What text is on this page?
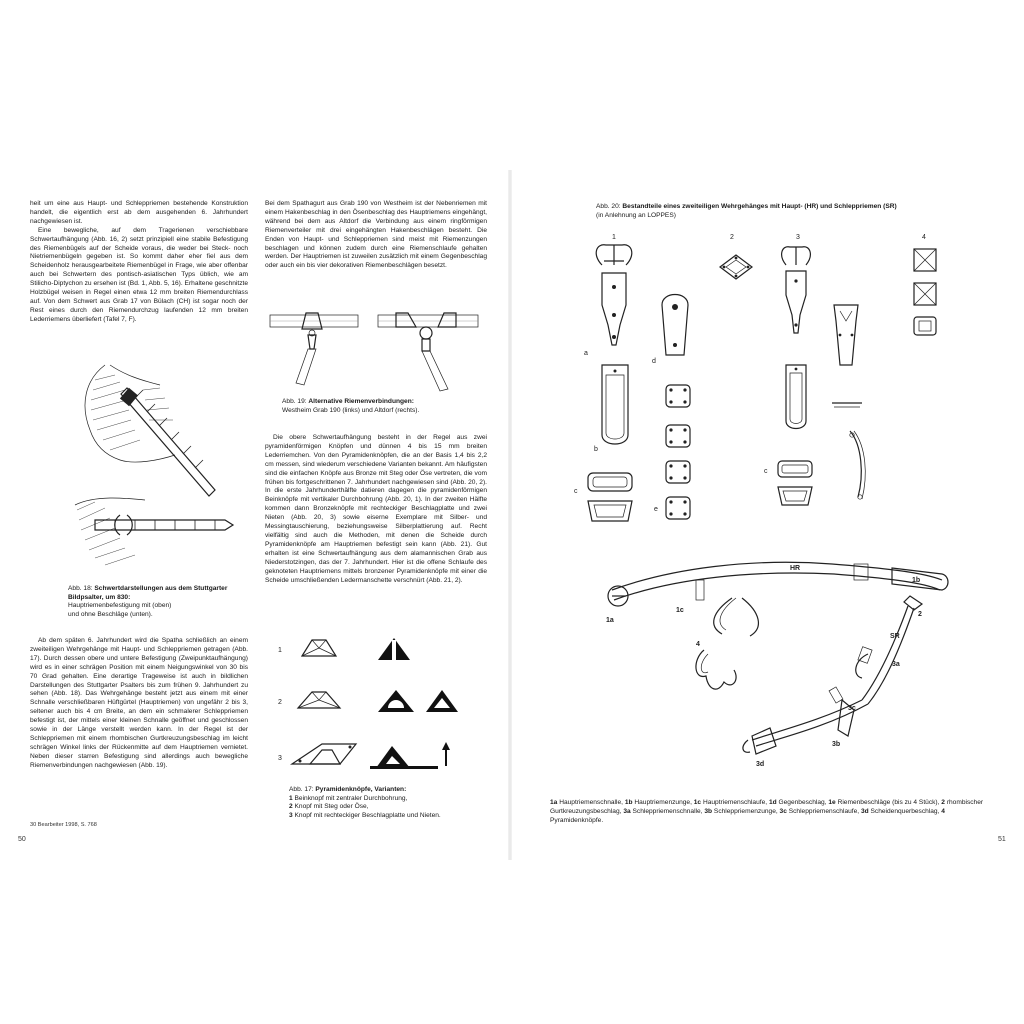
heit um eine aus Haupt- und Schleppriemen bestehende Konstruktion handelt, die eigentlich erst ab dem ausgehenden 6. Jahrhundert nachgewiesen ist.

Eine bewegliche, auf dem Tragerienen verschiebbare Schwertaufhängung (Abb. 16, 2) setzt prinzipiell eine stabile Befestigung des Riemenbügels auf der Scheide voraus, die weder bei Steck- noch Nietriemenbügeln gegeben ist. So kommt daher eher fiel aus dem Scheidenholz herausgearbeitete Riemenbügel in Frage, wie aber offenbar auch bei Schwertern des pontisch-asiatischen Typs üblich, wie am Stilicho-Diptychon zu ersehen ist (Bd. 1, Abb. 5, 16). Erhaltene geschnitzte Holzbügel weisen in Regel einen etwa 12 mm breiten Riemendurchlass auf. Von dem Schwert aus Grab 17 von Bülach (CH) ist sogar noch der Rest eines durch den Riemendurchzug laufenden 12 mm breiten Lederriemens überliefert (Tafel 7, F).

Abb. 18: Schwertdarstellungen aus dem Stuttgarter Bildpsalter, um 830:
Hauptriemenbefestigung mit (oben)
und ohne Beschläge (unten).

Ab dem späten 6. Jahrhundert wird die Spatha schließlich an einem zweiteiligen Wehrgehänge mit Haupt- und Schleppriemen getragen (Abb. 17). Durch dessen obere und untere Befestigung (Zweipunktaufhängung) wird es in einer schrägen Position mit einem Neigungswinkel von 30 bis 70 Grad gehalten. Eine derartige Trageweise ist auch in bildlichen Darstellungen des Stuttgarter Psalters bis zum frühen 9. Jahrhundert zu sehen (Abb. 18). Das Wehrgehänge besteht jetzt aus einem mit einer Schnalle verschließbaren Hüftgürtel (Hauptriemen) von ungefähr 2 bis 3, seltener auch bis 4 cm Breite, an dem ein schmalerer Schleppriemen befestigt ist, der mittels einer kleinen Schnalle geöffnet und geschlossen sowie in der Länge verstellt werden kann. In der Regel ist der Schleppriemen mit einem rhombischen Gurtkreuzungsbeschlag im leicht schrägen Winkel links der Rückenmitte auf dem Hauptriemen vernietet. Neben dieser starren Befestigung sind allerdings auch bewegliche Riemenverbindungen nachgewiesen (Abb. 19).

30 Bearbeiter 1998, S. 768
50

Bei dem Spathagurt aus Grab 190 von Westheim ist der Nebenriemen mit einem Hakenbeschlag in den Ösenbeschlag des Hauptriemens eingehängt, während bei dem aus Altdorf die Verbindung aus einem ringförmigen Riemenverteiler mit drei eingehängten Hakenbeschlägen besteht. Die Enden von Haupt- und Schleppriemen sind meist mit Riemenzungen beschlagen und können zudem durch eine Riemenschlaufe gehalten werden. Der Hauptriemen ist zuweilen zusätzlich mit einem Gegenbeschlag oder auch ein bis vier dekorativen Riemenbeschlägen besetzt.

Abb. 19: Alternative Riemenverbindungen:
Westheim Grab 190 (links) und Altdorf (rechts).

Die obere Schwertaufhängung besteht in der Regel aus zwei pyramidenförmigen Knöpfen und dünnen 4 bis 15 mm breiten Lederriemchen. Von den Pyramidenknöpfen, die an der Basis 1,4 bis 2,2 cm messen, sind wiederum verschiedene Varianten bekannt. Am häufigsten sind die einfachen Knöpfe aus Bronze mit Steg oder Öse vertreten, die vom frühen bis fortgeschrittenen 7. Jahrhundert nachgewiesen sind (Abb. 20, 2). In die erste Jahrhunderthälfte datieren dagegen die pyramidenförmigen Beinknöpfe mit vertikaler Durchbohrung (Abb. 20, 1). In der zweiten Hälfte kommen dann Bronzeknöpfe mit rechteckiger Beschlagplatte und zwei Nieten (Abb. 20, 3) sowie eiserne Exemplare mit Silber- und Messingtauschierung, beziehungsweise Silberplattierung auf. Recht vielfältig sind auch die Methoden, mit denen die Scheide durch Pyramidenknöpfe am Hauptriemen befestigt sein kann (Abb. 21). Gut erhalten ist eine Schwertaufhängung aus dem alamannischen Grab aus Niederstotzingen, das der 7. Jahrhundert. Hier ist die offene Schlaufe des geknoteten Hauptriemens mittels bronzener Pyramidenknöpfe mit einer die Scheide umschließenden Ledermanschette verschnürt (Abb. 21, 2).

1
2
3
Abb. 17: Pyramidenknöpfe, Varianten:
1 Beinknopf mit zentraler Durchbohrung,
2 Knopf mit Steg oder Öse,
3 Knopf mit rechteckiger Beschlagplatte und Nieten.
Abb. 20: Bestandteile eines zweiteiligen Wehrgehänges mit Haupt- (HR) und Schleppriemen (SR)
(in Anlehnung an LOPPES)
1	2	3	4
a
b
c
d
e
c
HR
SR
1a
1b
1c
2
3a
3b
3c
3d
4
1a Hauptriemenschnalle, 1b Hauptriemenzunge, 1c Hauptriemenschlaufe, 1d Gegenbeschlag, 1e Riemenbeschläge (bis zu 4 Stück), 2 rhombischer Gurtkreuzungsbeschlag, 3a Schleppriemenschnalle, 3b Schleppriemenzunge, 3c Schleppriemenschlaufe, 3d Scheidenquerbeschlag, 4 Pyramidenknöpfe.
51
